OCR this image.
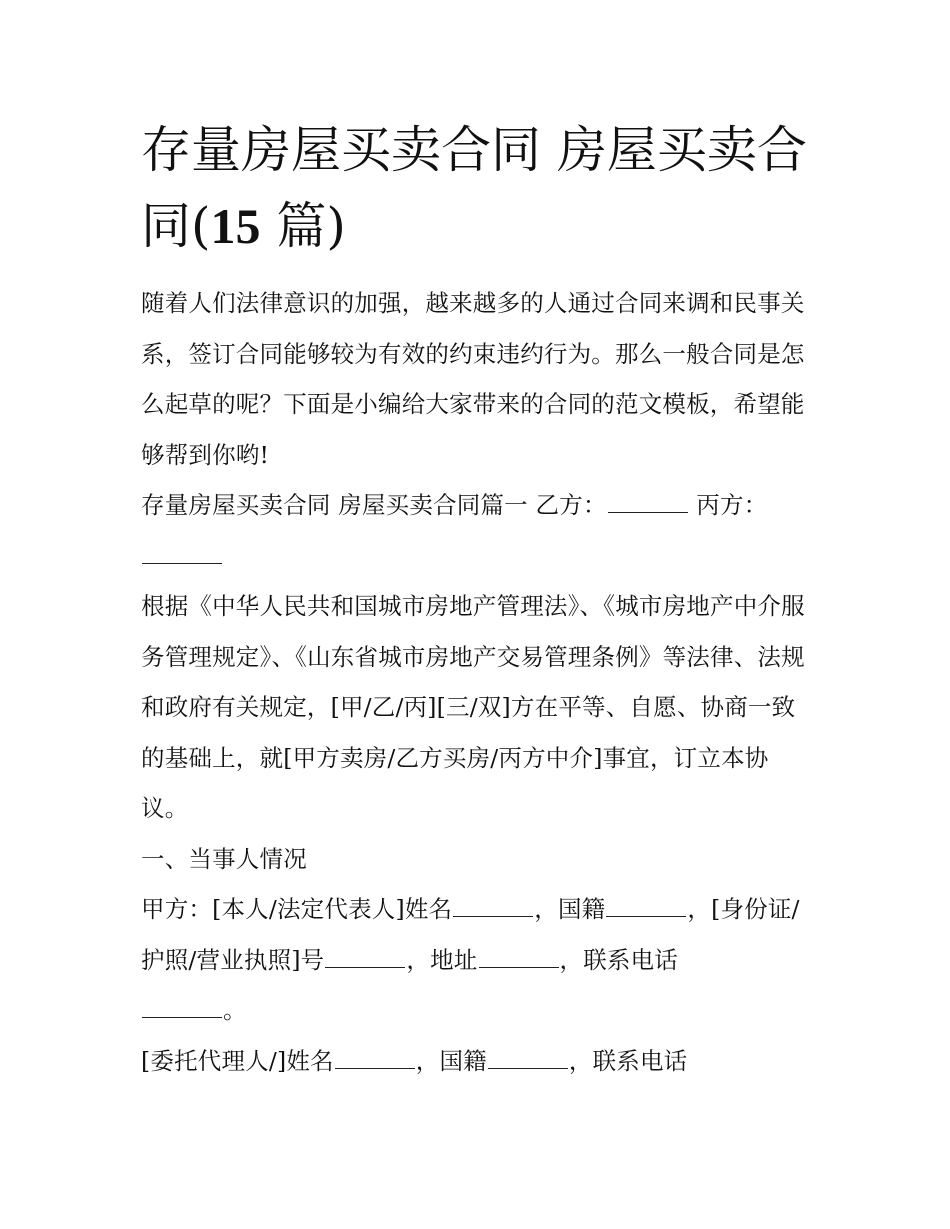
存量房屋买卖合同 房屋买卖合同(15 篇)

随着人们法律意识的加强，越来越多的人通过合同来调和民事关系，签订合同能够较为有效的约束违约行为。那么一般合同是怎么起草的呢？下面是小编给大家带来的合同的范文模板，希望能够帮到你哟!

存量房屋买卖合同 房屋买卖合同篇一 乙方：	丙方：

根据《中华人民共和国城市房地产管理法》、《城市房地产中介服务管理规定》、《山东省城市房地产交易管理条例》等法律、法规和政府有关规定，[甲/乙/丙][三/双]方在平等、自愿、协商一致的基础上，就[甲方卖房/乙方买房/丙方中介]事宜，订立本协议。

一、当事人情况

甲方：[本人/法定代表人]姓名	，国籍	，[身份证/护照/营业执照]号	，地址	，联系电话
。

[委托代理人/]姓名	，国籍	，联系电话
